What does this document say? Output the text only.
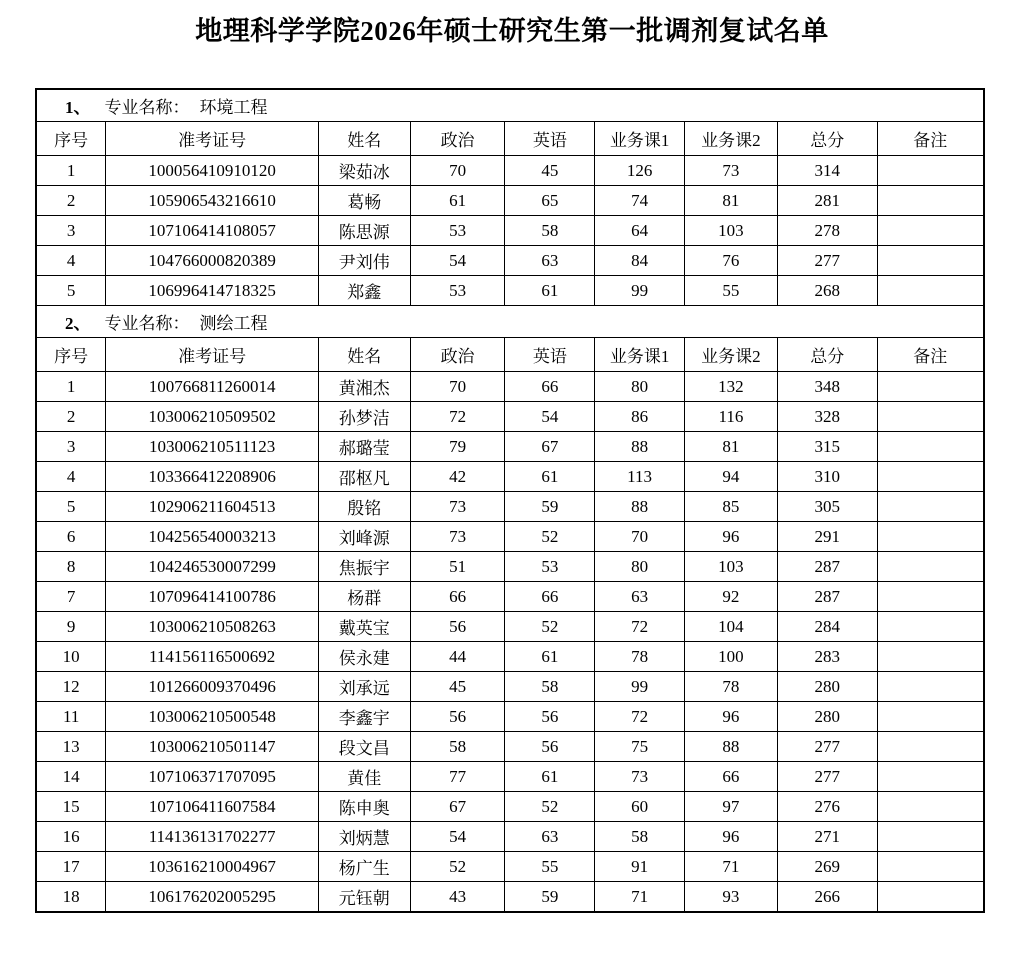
地理科学学院2026年硕士研究生第一批调剂复试名单
1、 专业名称： 环境工程								
序号	准考证号	姓名	政治	英语	业务课1	业务课2	总分	备注
1	100056410910120	梁茹冰	70	45	126	73	314	
2	105906543216610	葛畅	61	65	74	81	281	
3	107106414108057	陈思源	53	58	64	103	278	
4	104766000820389	尹刘伟	54	63	84	76	277	
5	106996414718325	郑鑫	53	61	99	55	268	
2、 专业名称： 测绘工程								
序号	准考证号	姓名	政治	英语	业务课1	业务课2	总分	备注
1	100766811260014	黄湘杰	70	66	80	132	348	
2	103006210509502	孙梦洁	72	54	86	116	328	
3	103006210511123	郝璐莹	79	67	88	81	315	
4	103366412208906	邵枢凡	42	61	113	94	310	
5	102906211604513	殷铭	73	59	88	85	305	
6	104256540003213	刘峰源	73	52	70	96	291	
8	104246530007299	焦振宇	51	53	80	103	287	
7	107096414100786	杨群	66	66	63	92	287	
9	103006210508263	戴英宝	56	52	72	104	284	
10	114156116500692	侯永建	44	61	78	100	283	
12	101266009370496	刘承远	45	58	99	78	280	
11	103006210500548	李鑫宇	56	56	72	96	280	
13	103006210501147	段文昌	58	56	75	88	277	
14	107106371707095	黄佳	77	61	73	66	277	
15	107106411607584	陈申奥	67	52	60	97	276	
16	114136131702277	刘炳慧	54	63	58	96	271	
17	103616210004967	杨广生	52	55	91	71	269	
18	106176202005295	元钰朝	43	59	71	93	266	
